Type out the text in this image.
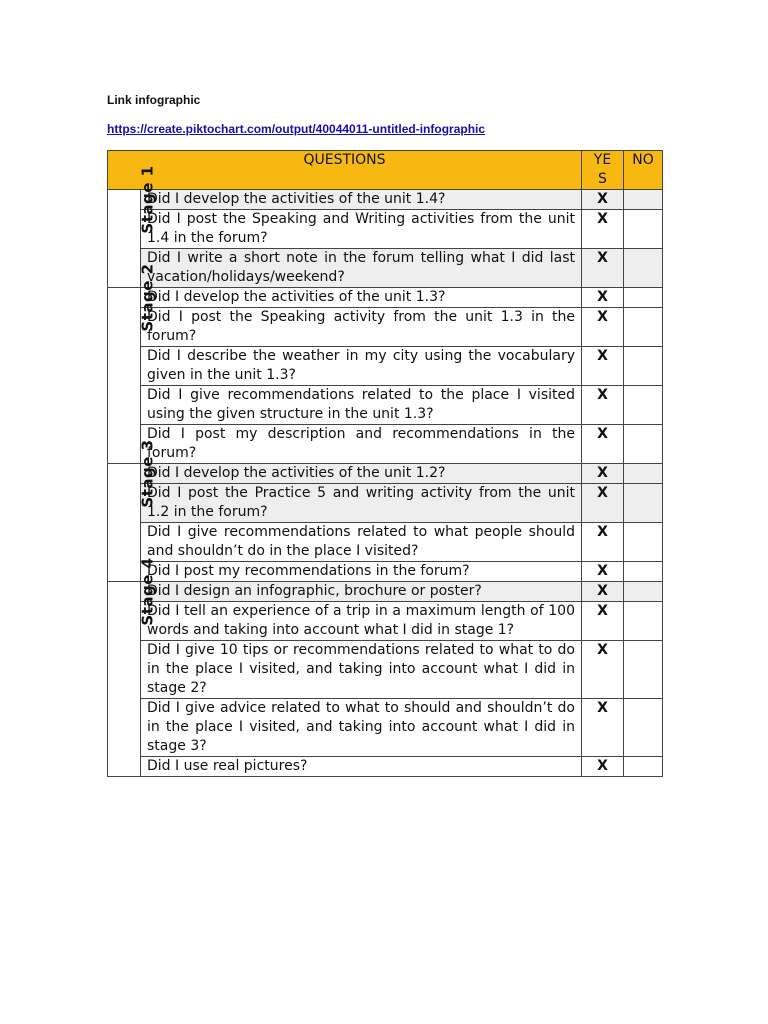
Link infographic
https://create.piktochart.com/output/40044011-untitled-infographic
QUESTIONS		YE S	NO
Stage 1	Did I develop the activities of the unit 1.4?	X	
	Did I post the Speaking and Writing activities from the unit 1.4 in the forum?	X	
	Did I write a short note in the forum telling what I did last vacation/holidays/weekend?	X	
Stage 2	Did I develop the activities of the unit 1.3?	X	
	Did I post the Speaking activity from the unit 1.3 in the forum?	X	
	Did I describe the weather in my city using the vocabulary given in the unit 1.3?	X	
	Did I give recommendations related to the place I visited using the given structure in the unit 1.3?	X	
	Did I post my description and recommendations in the forum?	X	
Stage 3	Did I develop the activities of the unit 1.2?	X	
	Did I post the Practice 5 and writing activity from the unit 1.2 in the forum?	X	
	Did I give recommendations related to what people should and shouldn’t do in the place I visited?	X	
	Did I post my recommendations in the forum?	X	
Stage 4	Did I design an infographic, brochure or poster?	X	
	Did I tell an experience of a trip in a maximum length of 100 words and taking into account what I did in stage 1?	X	
	Did I give 10 tips or recommendations related to what to do in the place I visited, and taking into account what I did in stage 2?	X	
	Did I give advice related to what to should and shouldn’t do in the place I visited, and taking into account what I did in stage 3?	X	
	Did I use real pictures?	X	
